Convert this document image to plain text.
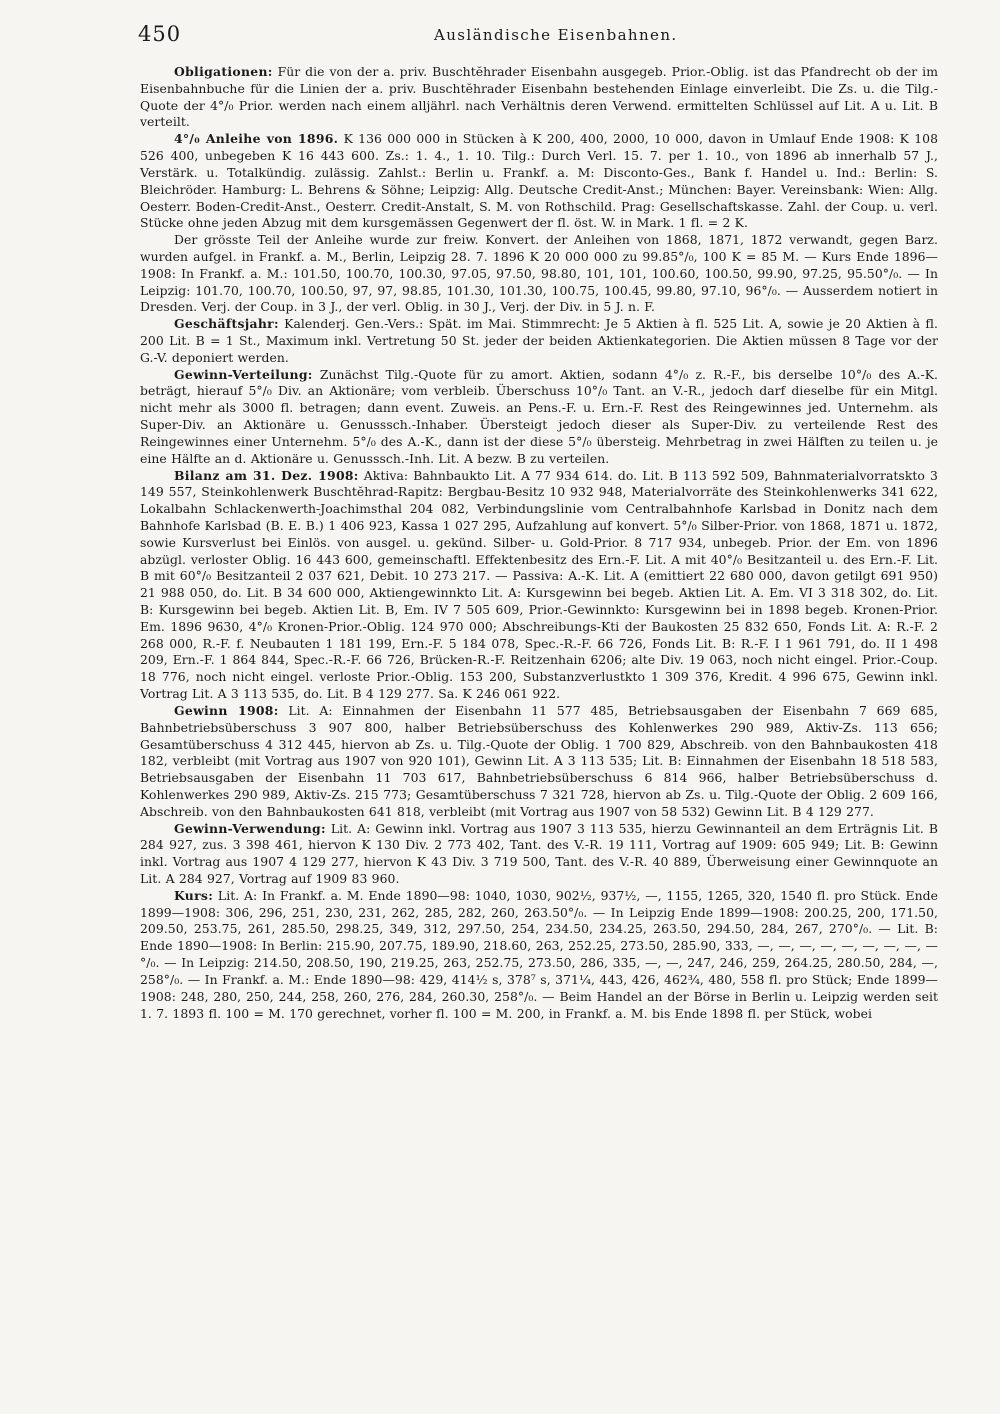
450	Ausländische Eisenbahnen.

Obligationen: Für die von der a. priv. Buschtĕhrader Eisenbahn ausgegeb. Prior.-Oblig. ist das Pfandrecht ob der im Eisenbahnbuche für die Linien der a. priv. Buschtĕhrader Eisenbahn bestehenden Einlage einverleibt. Die Zs. u. die Tilg.-Quote der 4°/₀ Prior. werden nach einem alljährl. nach Verhältnis deren Verwend. ermittelten Schlüssel auf Lit. A u. Lit. B verteilt.

4°/₀ Anleihe von 1896. K 136 000 000 in Stücken à K 200, 400, 2000, 10 000, davon in Umlauf Ende 1908: K 108 526 400, unbegeben K 16 443 600. Zs.: 1. 4., 1. 10. Tilg.: Durch Verl. 15. 7. per 1. 10., von 1896 ab innerhalb 57 J., Verstärk. u. Totalkündig. zulässig. Zahlst.: Berlin u. Frankf. a. M: Disconto-Ges., Bank f. Handel u. Ind.: Berlin: S. Bleichröder. Hamburg: L. Behrens & Söhne; Leipzig: Allg. Deutsche Credit-Anst.; München: Bayer. Vereinsbank: Wien: Allg. Oesterr. Boden-Credit-Anst., Oesterr. Credit-Anstalt, S. M. von Rothschild. Prag: Gesellschaftskasse. Zahl. der Coup. u. verl. Stücke ohne jeden Abzug mit dem kursgemässen Gegenwert der fl. öst. W. in Mark. 1 fl. = 2 K.

Der grösste Teil der Anleihe wurde zur freiw. Konvert. der Anleihen von 1868, 1871, 1872 verwandt, gegen Barz. wurden aufgel. in Frankf. a. M., Berlin, Leipzig 28. 7. 1896 K 20 000 000 zu 99.85°/₀, 100 K = 85 M. — Kurs Ende 1896—1908: In Frankf. a. M.: 101.50, 100.70, 100.30, 97.05, 97.50, 98.80, 101, 101, 100.60, 100.50, 99.90, 97.25, 95.50°/₀. — In Leipzig: 101.70, 100.70, 100.50, 97, 97, 98.85, 101.30, 101.30, 100.75, 100.45, 99.80, 97.10, 96°/₀. — Ausserdem notiert in Dresden. Verj. der Coup. in 3 J., der verl. Oblig. in 30 J., Verj. der Div. in 5 J. n. F.

Geschäftsjahr: Kalenderj. Gen.-Vers.: Spät. im Mai. Stimmrecht: Je 5 Aktien à fl. 525 Lit. A, sowie je 20 Aktien à fl. 200 Lit. B = 1 St., Maximum inkl. Vertretung 50 St. jeder der beiden Aktienkategorien. Die Aktien müssen 8 Tage vor der G.-V. deponiert werden.

Gewinn-Verteilung: Zunächst Tilg.-Quote für zu amort. Aktien, sodann 4°/₀ z. R.-F., bis derselbe 10°/₀ des A.-K. beträgt, hierauf 5°/₀ Div. an Aktionäre; vom verbleib. Überschuss 10°/₀ Tant. an V.-R., jedoch darf dieselbe für ein Mitgl. nicht mehr als 3000 fl. betragen; dann event. Zuweis. an Pens.-F. u. Ern.-F. Rest des Reingewinnes jed. Unternehm. als Super-Div. an Aktionäre u. Genusssch.-Inhaber. Übersteigt jedoch dieser als Super-Div. zu verteilende Rest des Reingewinnes einer Unternehm. 5°/₀ des A.-K., dann ist der diese 5°/₀ übersteig. Mehrbetrag in zwei Hälften zu teilen u. je eine Hälfte an d. Aktionäre u. Genusssch.-Inh. Lit. A bezw. B zu verteilen.

Bilanz am 31. Dez. 1908: Aktiva: Bahnbaukto Lit. A 77 934 614. do. Lit. B 113 592 509, Bahnmaterialvorratskto 3 149 557, Steinkohlenwerk Buschtĕhrad-Rapitz: Bergbau-Besitz 10 932 948, Materialvorräte des Steinkohlenwerks 341 622, Lokalbahn Schlackenwerth-Joachimsthal 204 082, Verbindungslinie vom Centralbahnhofe Karlsbad in Donitz nach dem Bahnhofe Karlsbad (B. E. B.) 1 406 923, Kassa 1 027 295, Aufzahlung auf konvert. 5°/₀ Silber-Prior. von 1868, 1871 u. 1872, sowie Kursverlust bei Einlös. von ausgel. u. gekünd. Silber- u. Gold-Prior. 8 717 934, unbegeb. Prior. der Em. von 1896 abzügl. verloster Oblig. 16 443 600, gemeinschaftl. Effektenbesitz des Ern.-F. Lit. A mit 40°/₀ Besitzanteil u. des Ern.-F. Lit. B mit 60°/₀ Besitzanteil 2 037 621, Debit. 10 273 217. — Passiva: A.-K. Lit. A (emittiert 22 680 000, davon getilgt 691 950) 21 988 050, do. Lit. B 34 600 000, Aktiengewinnkto Lit. A: Kursgewinn bei begeb. Aktien Lit. A. Em. VI 3 318 302, do. Lit. B: Kursgewinn bei begeb. Aktien Lit. B, Em. IV 7 505 609, Prior.-Gewinnkto: Kursgewinn bei in 1898 begeb. Kronen-Prior. Em. 1896 9630, 4°/₀ Kronen-Prior.-Oblig. 124 970 000; Abschreibungs-Kti der Baukosten 25 832 650, Fonds Lit. A: R.-F. 2 268 000, R.-F. f. Neubauten 1 181 199, Ern.-F. 5 184 078, Spec.-R.-F. 66 726, Fonds Lit. B: R.-F. I 1 961 791, do. II 1 498 209, Ern.-F. 1 864 844, Spec.-R.-F. 66 726, Brücken-R.-F. Reitzenhain 6206; alte Div. 19 063, noch nicht eingel. Prior.-Coup. 18 776, noch nicht eingel. verloste Prior.-Oblig. 153 200, Substanzverlustkto 1 309 376, Kredit. 4 996 675, Gewinn inkl. Vortrag Lit. A 3 113 535, do. Lit. B 4 129 277. Sa. K 246 061 922.

Gewinn 1908: Lit. A: Einnahmen der Eisenbahn 11 577 485, Betriebsausgaben der Eisenbahn 7 669 685, Bahnbetriebsüberschuss 3 907 800, halber Betriebsüberschuss des Kohlenwerkes 290 989, Aktiv-Zs. 113 656; Gesamtüberschuss 4 312 445, hiervon ab Zs. u. Tilg.-Quote der Oblig. 1 700 829, Abschreib. von den Bahnbaukosten 418 182, verbleibt (mit Vortrag aus 1907 von 920 101), Gewinn Lit. A 3 113 535; Lit. B: Einnahmen der Eisenbahn 18 518 583, Betriebsausgaben der Eisenbahn 11 703 617, Bahnbetriebsüberschuss 6 814 966, halber Betriebsüberschuss d. Kohlenwerkes 290 989, Aktiv-Zs. 215 773; Gesamtüberschuss 7 321 728, hiervon ab Zs. u. Tilg.-Quote der Oblig. 2 609 166, Abschreib. von den Bahnbaukosten 641 818, verbleibt (mit Vortrag aus 1907 von 58 532) Gewinn Lit. B 4 129 277.

Gewinn-Verwendung: Lit. A: Gewinn inkl. Vortrag aus 1907 3 113 535, hierzu Gewinnanteil an dem Erträgnis Lit. B 284 927, zus. 3 398 461, hiervon K 130 Div. 2 773 402, Tant. des V.-R. 19 111, Vortrag auf 1909: 605 949; Lit. B: Gewinn inkl. Vortrag aus 1907 4 129 277, hiervon K 43 Div. 3 719 500, Tant. des V.-R. 40 889, Überweisung einer Gewinnquote an Lit. A 284 927, Vortrag auf 1909 83 960.

Kurs: Lit. A: In Frankf. a. M. Ende 1890—98: 1040, 1030, 902½, 937½, —, 1155, 1265, 320, 1540 fl. pro Stück. Ende 1899—1908: 306, 296, 251, 230, 231, 262, 285, 282, 260, 263.50°/₀. — In Leipzig Ende 1899—1908: 200.25, 200, 171.50, 209.50, 253.75, 261, 285.50, 298.25, 349, 312, 297.50, 254, 234.50, 234.25, 263.50, 294.50, 284, 267, 270°/₀. — Lit. B: Ende 1890—1908: In Berlin: 215.90, 207.75, 189.90, 218.60, 263, 252.25, 273.50, 285.90, 333, —, —, —, —, —, —, —, —, —°/₀. — In Leipzig: 214.50, 208.50, 190, 219.25, 263, 252.75, 273.50, 286, 335, —, —, 247, 246, 259, 264.25, 280.50, 284, —, 258°/₀. — In Frankf. a. M.: Ende 1890—98: 429, 414½ s, 378⁷ s, 371¼, 443, 426, 462¾, 480, 558 fl. pro Stück; Ende 1899—1908: 248, 280, 250, 244, 258, 260, 276, 284, 260.30, 258°/₀. — Beim Handel an der Börse in Berlin u. Leipzig werden seit 1. 7. 1893 fl. 100 = M. 170 gerechnet, vorher fl. 100 = M. 200, in Frankf. a. M. bis Ende 1898 fl. per Stück, wobei
